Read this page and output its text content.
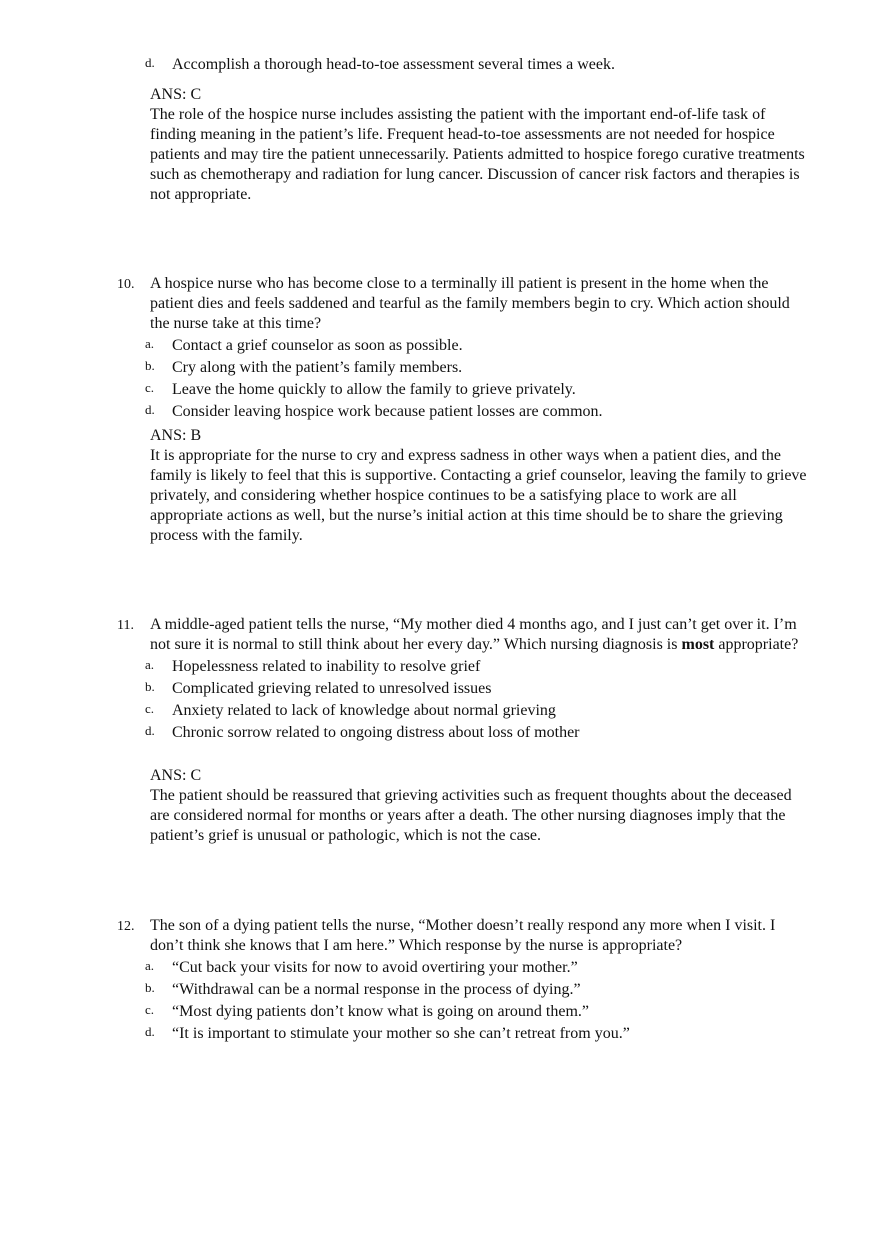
d. Accomplish a thorough head-to-toe assessment several times a week.
ANS: C
The role of the hospice nurse includes assisting the patient with the important end-of-life task of finding meaning in the patient’s life. Frequent head-to-toe assessments are not needed for hospice patients and may tire the patient unnecessarily. Patients admitted to hospice forego curative treatments such as chemotherapy and radiation for lung cancer. Discussion of cancer risk factors and therapies is not appropriate.
10. A hospice nurse who has become close to a terminally ill patient is present in the home when the patient dies and feels saddened and tearful as the family members begin to cry. Which action should the nurse take at this time?
a. Contact a grief counselor as soon as possible.
b. Cry along with the patient’s family members.
c. Leave the home quickly to allow the family to grieve privately.
d. Consider leaving hospice work because patient losses are common.
ANS: B
It is appropriate for the nurse to cry and express sadness in other ways when a patient dies, and the family is likely to feel that this is supportive. Contacting a grief counselor, leaving the family to grieve privately, and considering whether hospice continues to be a satisfying place to work are all appropriate actions as well, but the nurse’s initial action at this time should be to share the grieving process with the family.
11. A middle-aged patient tells the nurse, “My mother died 4 months ago, and I just can’t get over it. I’m not sure it is normal to still think about her every day.” Which nursing diagnosis is most appropriate?
a. Hopelessness related to inability to resolve grief
b. Complicated grieving related to unresolved issues
c. Anxiety related to lack of knowledge about normal grieving
d. Chronic sorrow related to ongoing distress about loss of mother
ANS: C
The patient should be reassured that grieving activities such as frequent thoughts about the deceased are considered normal for months or years after a death. The other nursing diagnoses imply that the patient’s grief is unusual or pathologic, which is not the case.
12. The son of a dying patient tells the nurse, “Mother doesn’t really respond any more when I visit. I don’t think she knows that I am here.” Which response by the nurse is appropriate?
a. “Cut back your visits for now to avoid overtiring your mother.”
b. “Withdrawal can be a normal response in the process of dying.”
c. “Most dying patients don’t know what is going on around them.”
d. “It is important to stimulate your mother so she can’t retreat from you.”
